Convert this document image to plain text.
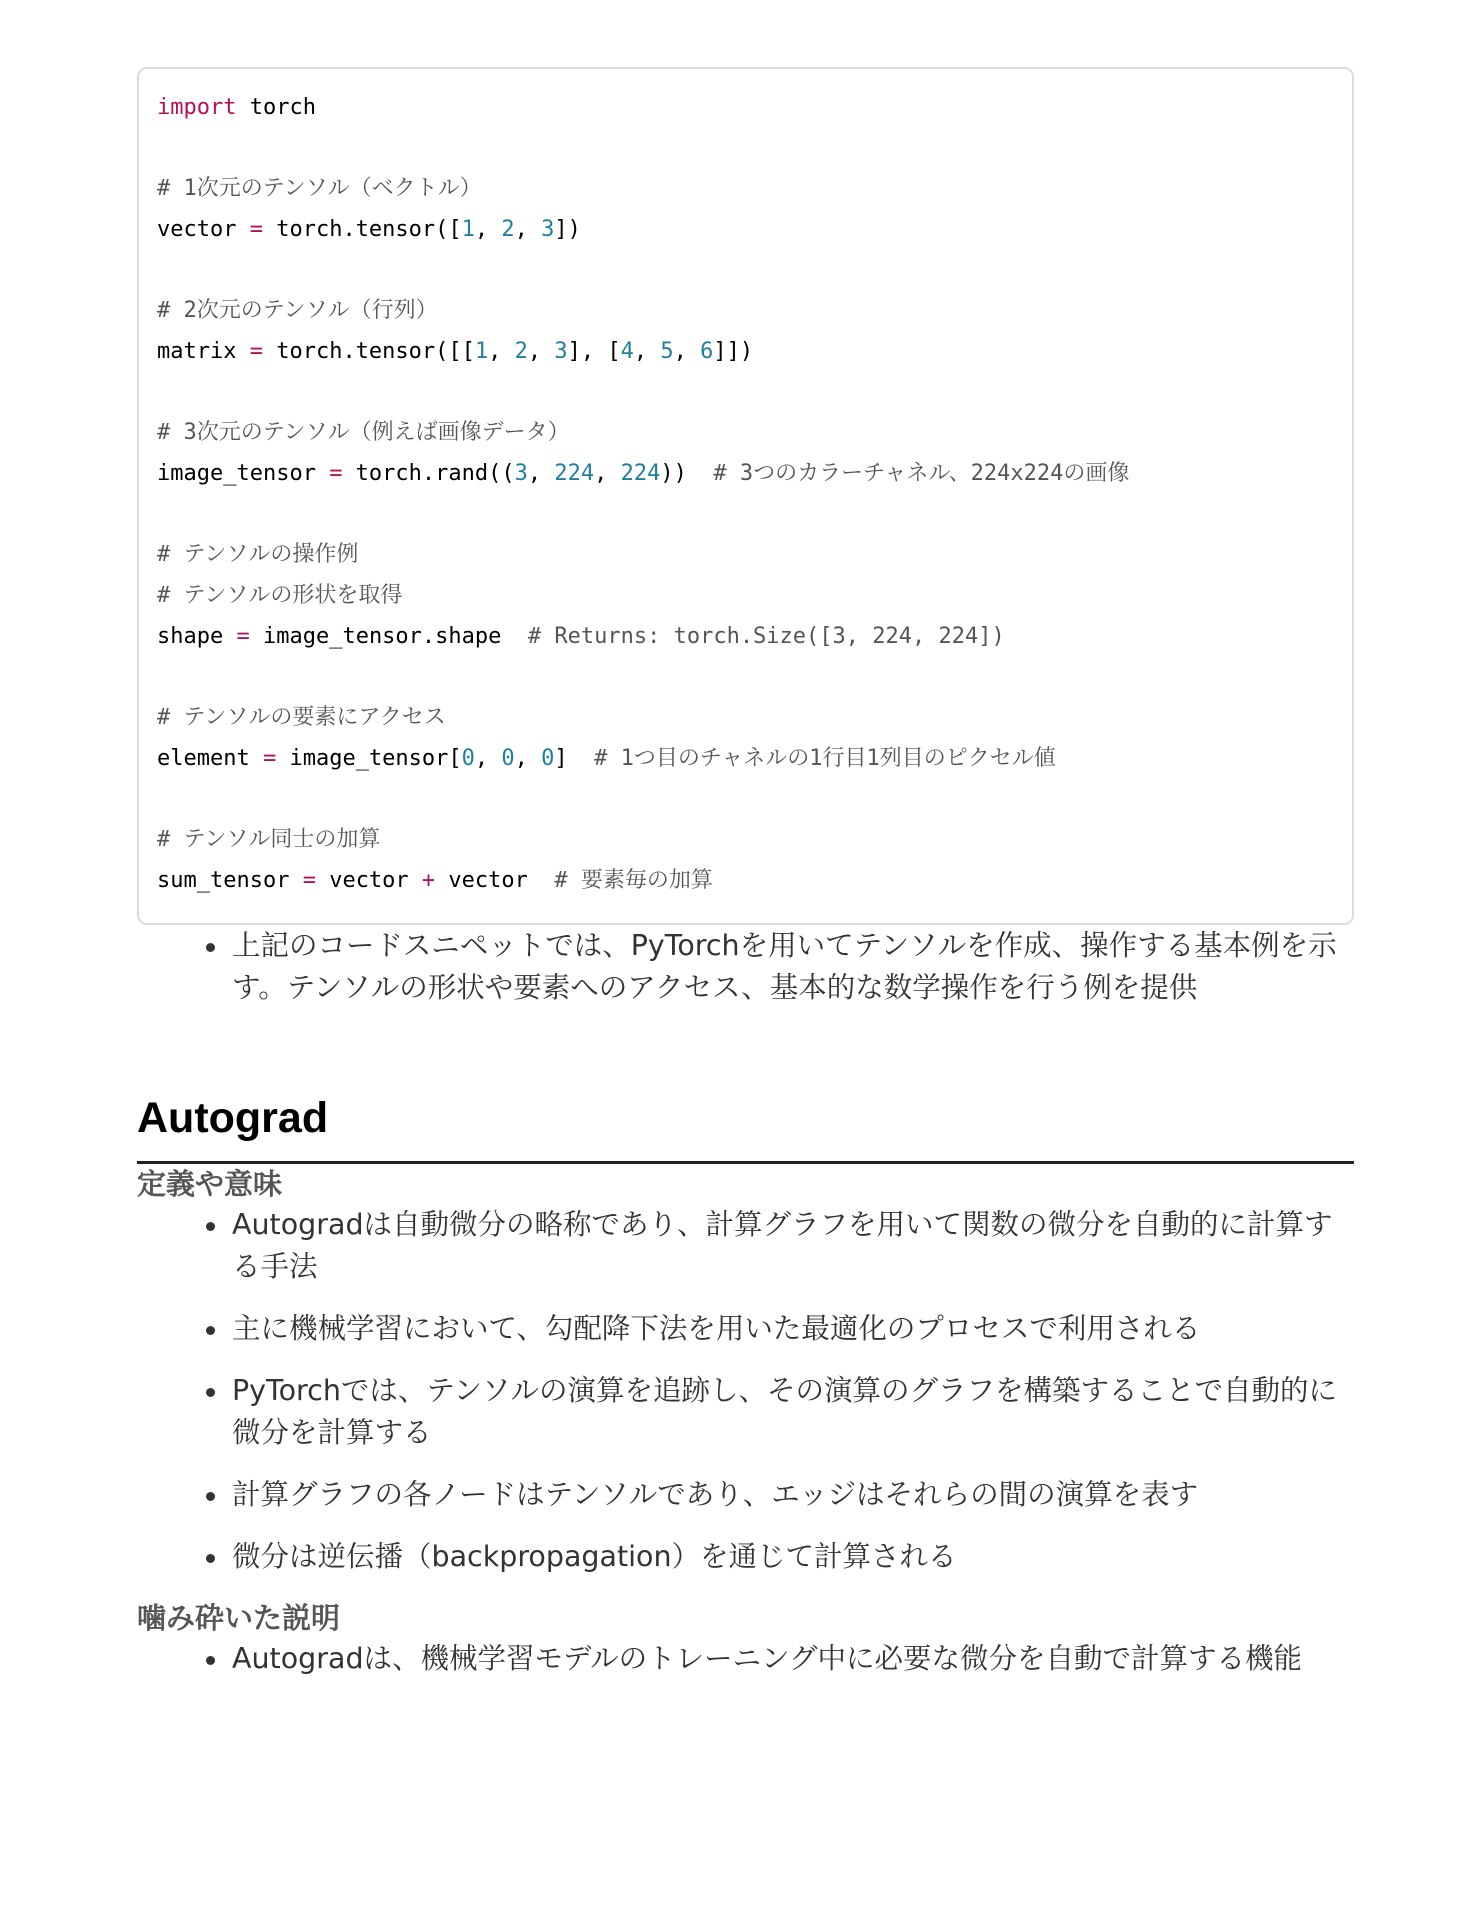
import torch
# 1次元のテンソル（ベクトル）
vector = torch.tensor([1, 2, 3])
# 2次元のテンソル（行列）
matrix = torch.tensor([[1, 2, 3], [4, 5, 6]])
# 3次元のテンソル（例えば画像データ）
image_tensor = torch.rand((3, 224, 224))  # 3つのカラーチャネル、224x224の画像
# テンソルの操作例
# テンソルの形状を取得
shape = image_tensor.shape  # Returns: torch.Size([3, 224, 224])
# テンソルの要素にアクセス
element = image_tensor[0, 0, 0]  # 1つ目のチャネルの1行目1列目のピクセル値
# テンソル同士の加算
sum_tensor = vector + vector  # 要素毎の加算
上記のコードスニペットでは、PyTorchを用いてテンソルを作成、操作する基本例を示す。テンソルの形状や要素へのアクセス、基本的な数学操作を行う例を提供
Autograd
定義や意味
Autogradは自動微分の略称であり、計算グラフを用いて関数の微分を自動的に計算する手法
主に機械学習において、勾配降下法を用いた最適化のプロセスで利用される
PyTorchでは、テンソルの演算を追跡し、その演算のグラフを構築することで自動的に微分を計算する
計算グラフの各ノードはテンソルであり、エッジはそれらの間の演算を表す
微分は逆伝播（backpropagation）を通じて計算される
噛み砕いた説明
Autogradは、機械学習モデルのトレーニング中に必要な微分を自動で計算する機能
